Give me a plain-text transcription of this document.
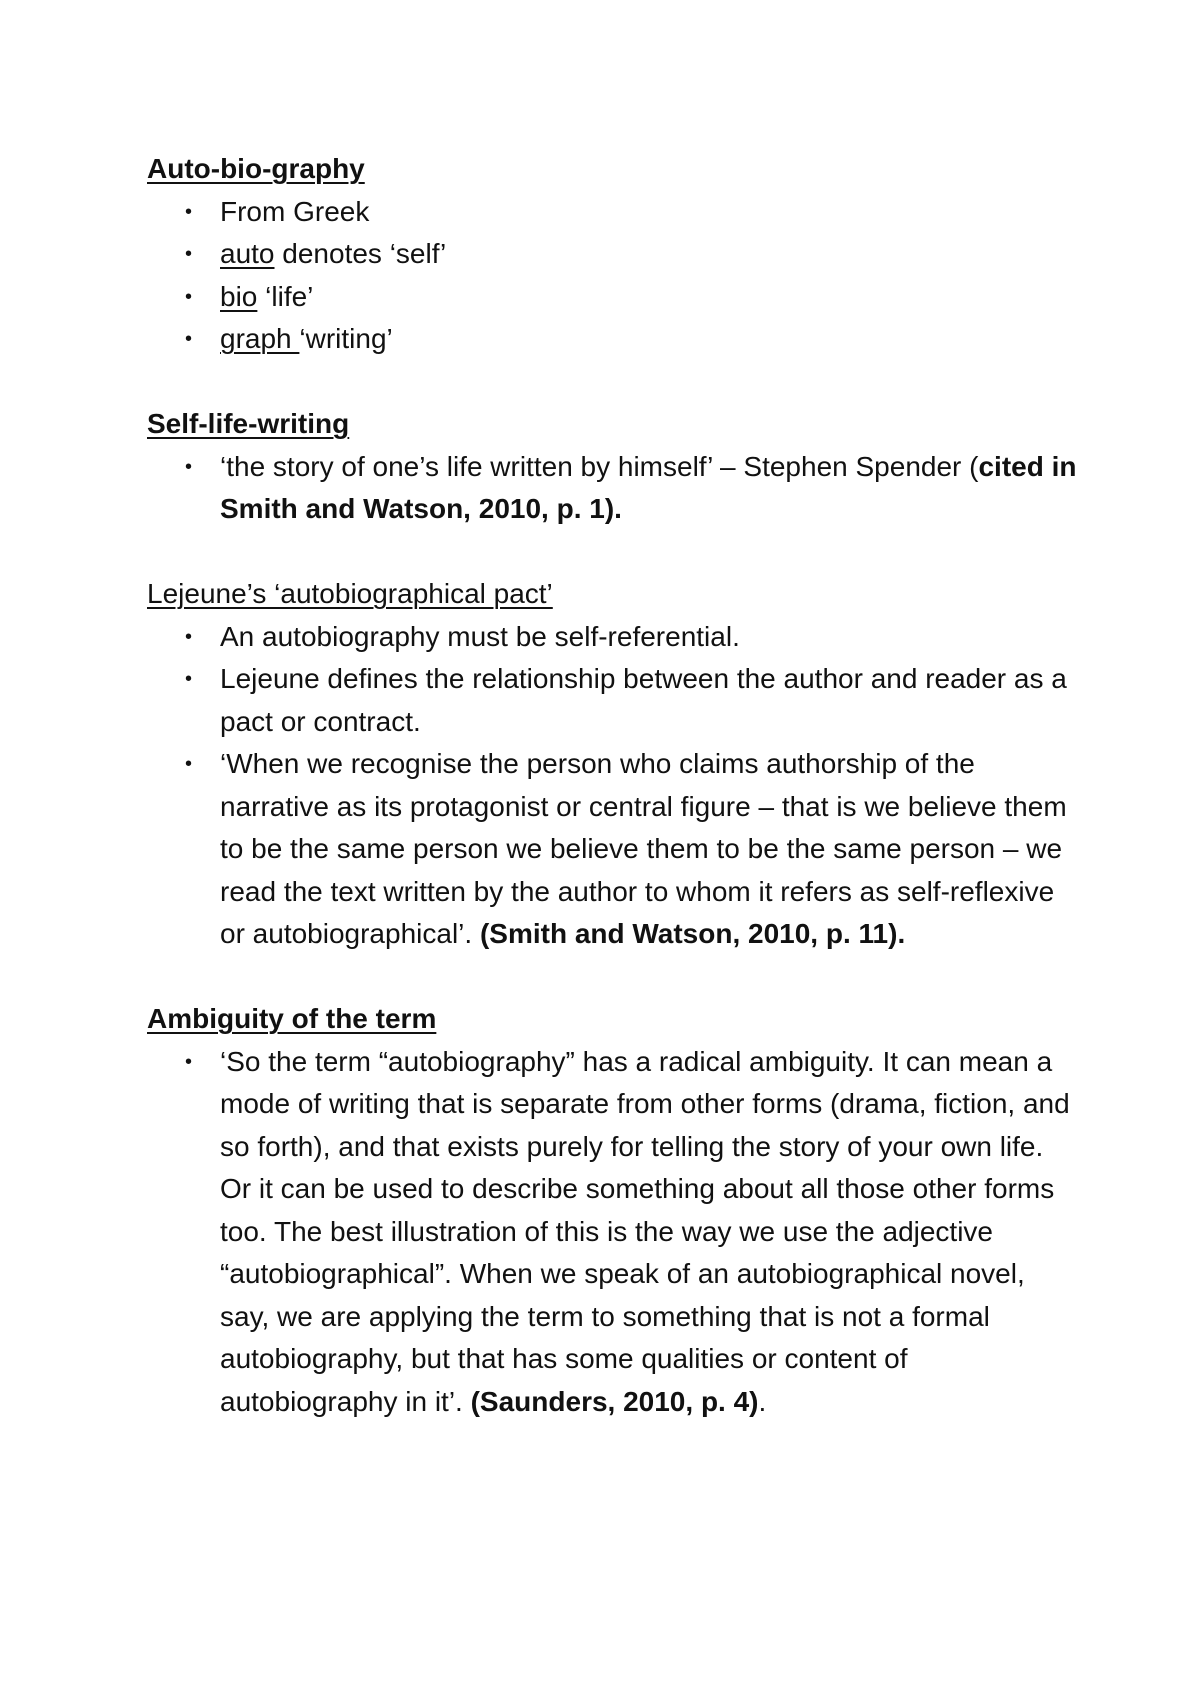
Auto-bio-graphy

• From Greek
• auto denotes ‘self’
• bio ‘life’
• graph ‘writing’

Self-life-writing

• ‘the story of one’s life written by himself’ – Stephen Spender (cited in Smith and Watson, 2010, p. 1).

Lejeune’s ‘autobiographical pact’

• An autobiography must be self-referential.
• Lejeune defines the relationship between the author and reader as a pact or contract.
• ‘When we recognise the person who claims authorship of the narrative as its protagonist or central figure – that is we believe them to be the same person we believe them to be the same person – we read the text written by the author to whom it refers as self-reflexive or autobiographical’. (Smith and Watson, 2010, p. 11).

Ambiguity of the term

• ‘So the term “autobiography” has a radical ambiguity. It can mean a mode of writing that is separate from other forms (drama, fiction, and so forth), and that exists purely for telling the story of your own life. Or it can be used to describe something about all those other forms too. The best illustration of this is the way we use the adjective “autobiographical”. When we speak of an autobiographical novel, say, we are applying the term to something that is not a formal autobiography, but that has some qualities or content of autobiography in it’. (Saunders, 2010, p. 4).
